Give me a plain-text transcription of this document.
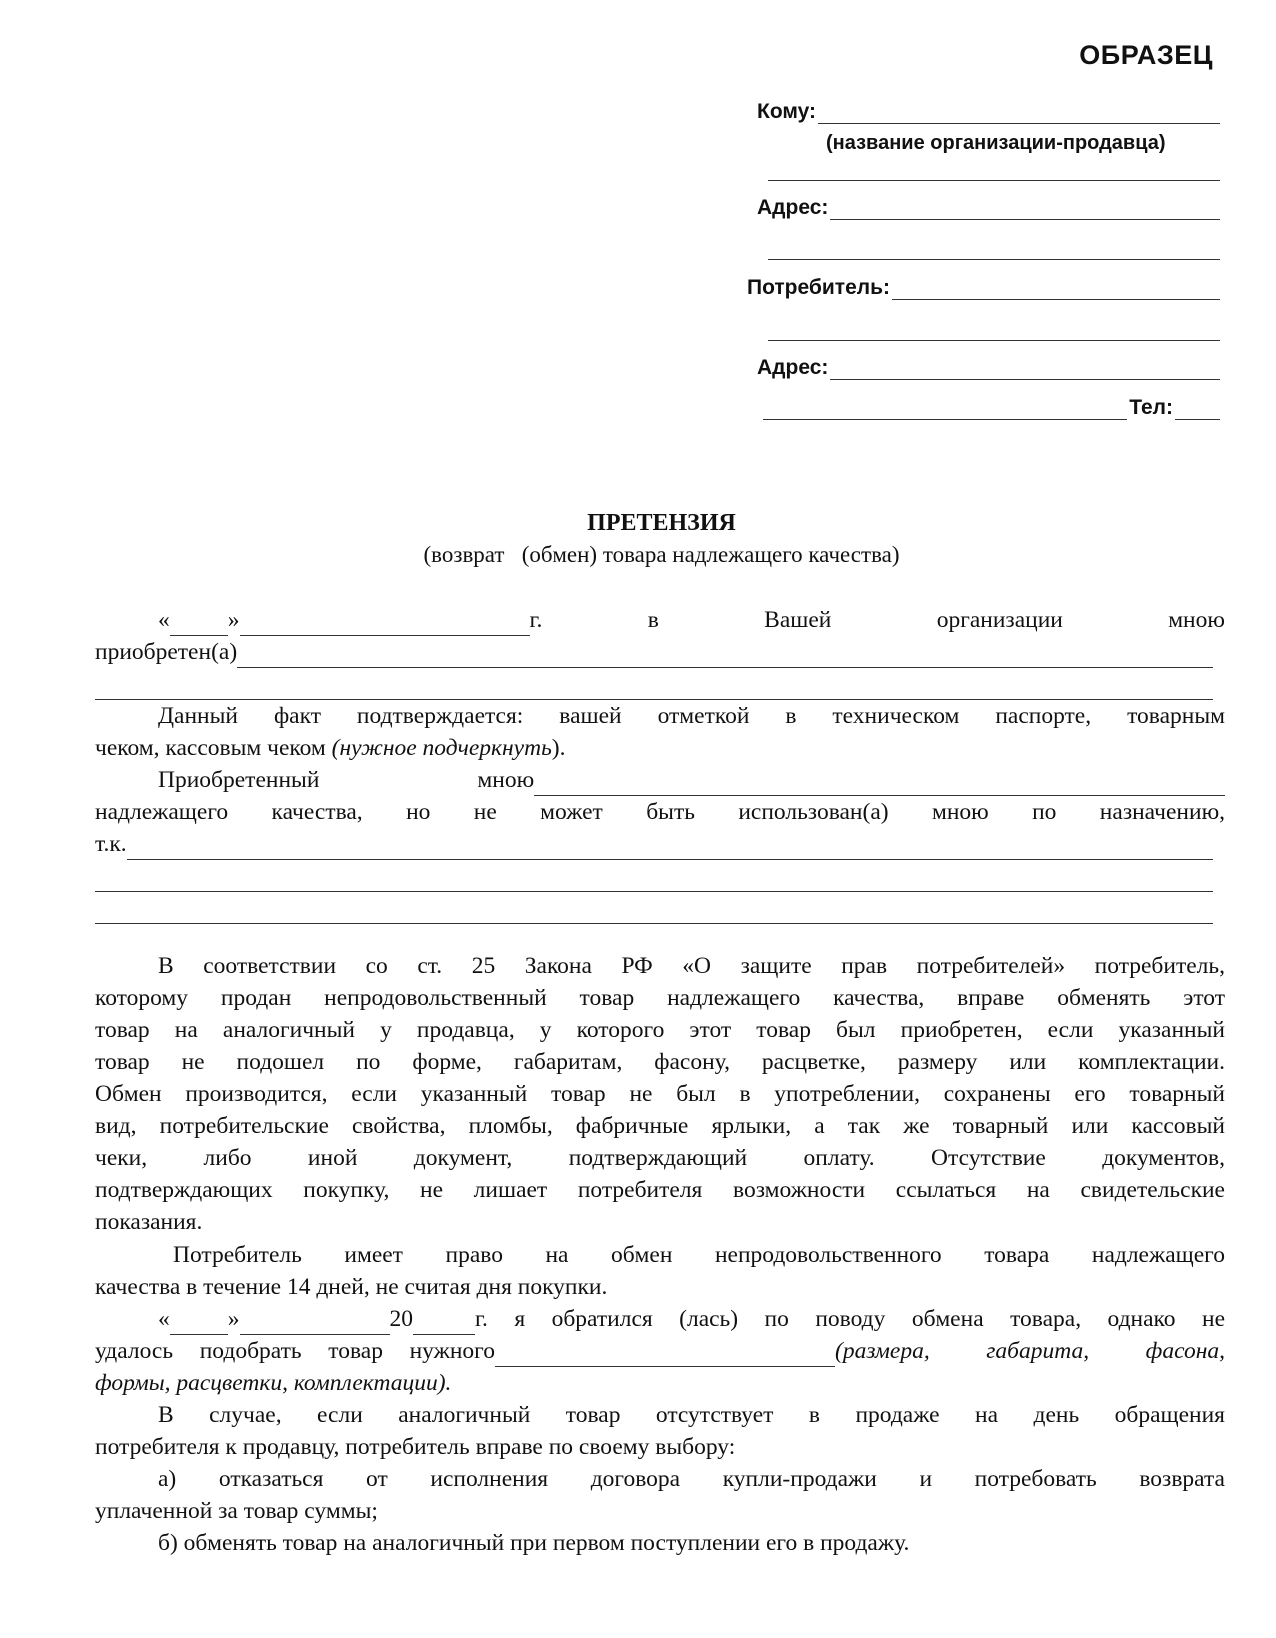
ОБРАЗЕЦ
Кому:
(название организации-продавца)
Адрес:
Потребитель:
Адрес:
Тел:
ПРЕТЕНЗИЯ
(возврат   (обмен) товара надлежащего качества)
« »	г.	в	Вашей	организации	мною
приобретен(а)
Данный факт подтверждается: вашей отметкой в техническом паспорте, товарным
чеком, кассовым чеком (нужное подчеркнуть ).
Приобретенный	мною
надлежащего качества, но не может быть использован(а) мною по назначению,
т.к.
В соответствии со ст. 25 Закона РФ «О защите прав потребителей» потребитель,
которому продан непродовольственный товар надлежащего качества, вправе обменять этот
товар на аналогичный у продавца, у которого этот товар был приобретен, если указанный
товар не подошел по форме, габаритам, фасону, расцветке, размеру или комплектации.
Обмен производится, если указанный товар не был в употреблении, сохранены его товарный
вид, потребительские свойства, пломбы, фабричные ярлыки, а так же товарный или кассовый
чеки, либо иной документ, подтверждающий оплату. Отсутствие документов,
подтверждающих покупку, не лишает потребителя возможности ссылаться на свидетельские
показания.
Потребитель имеет право на обмен непродовольственного товара надлежащего
качества в течение 14 дней, не считая дня покупки.
« »	20	г. я обратился (лась) по поводу обмена товара, однако не
удалось подобрать товар нужного	(размера, габарита, фасона,
формы, расцветки, комплектации).
В случае, если аналогичный товар отсутствует в продаже на день обращения
потребителя к продавцу, потребитель вправе по своему выбору:
а) отказаться от исполнения договора купли-продажи и потребовать возврата
уплаченной за товар суммы;
б) обменять товар на аналогичный при первом поступлении его в продажу.
